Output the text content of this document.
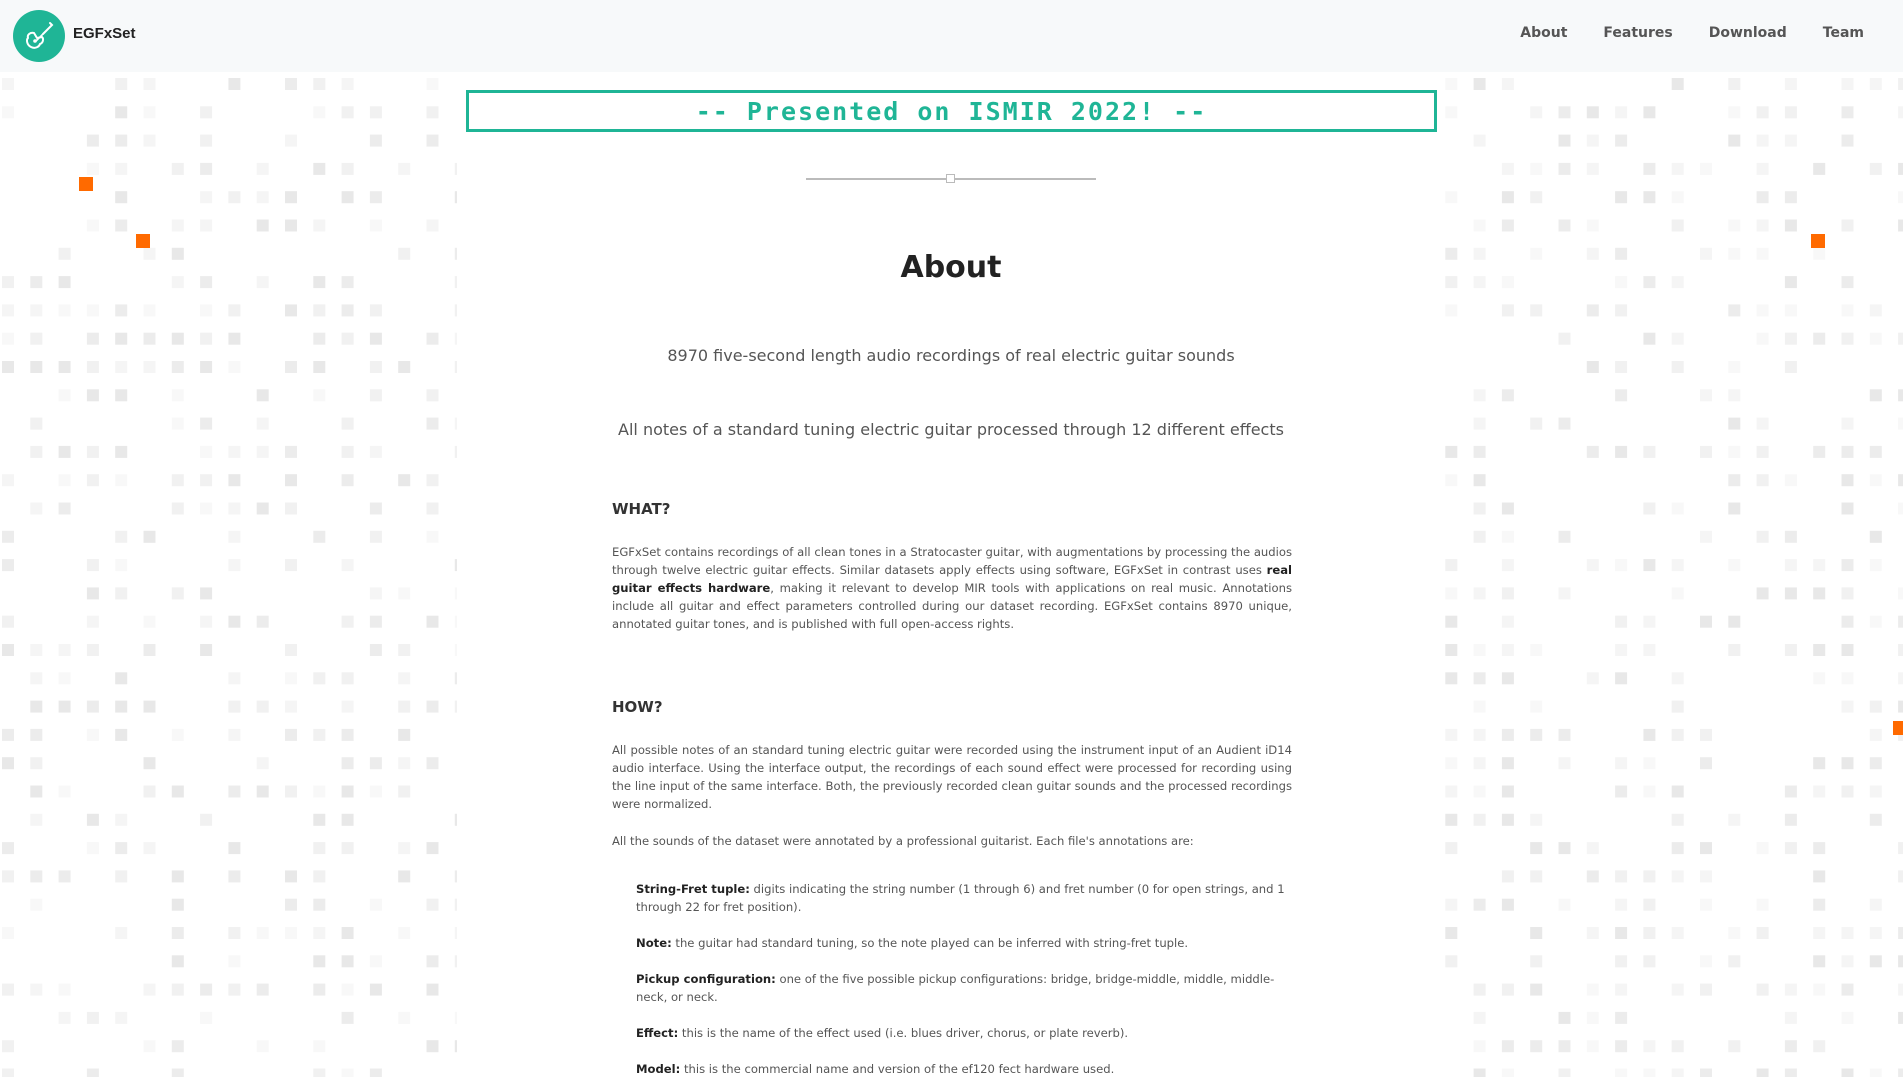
EGFxSet	About	Features	Download	Team
-- Presented on ISMIR 2022! --
About

8970 five-second length audio recordings of real electric guitar sounds

All notes of a standard tuning electric guitar processed through 12 different effects

WHAT?

EGFxSet contains recordings of all clean tones in a Stratocaster guitar, with augmentations by processing the audios through twelve electric guitar effects. Similar datasets apply effects using software, EGFxSet in contrast uses real guitar effects hardware, making it relevant to develop MIR tools with applications on real music. Annotations include all guitar and effect parameters controlled during our dataset recording. EGFxSet contains 8970 unique, annotated guitar tones, and is published with full open-access rights.

HOW?

All possible notes of an standard tuning electric guitar were recorded using the instrument input of an Audient iD14 audio interface. Using the interface output, the recordings of each sound effect were processed for recording using the line input of the same interface. Both, the previously recorded clean guitar sounds and the processed recordings were normalized.

All the sounds of the dataset were annotated by a professional guitarist. Each file's annotations are:

String-Fret tuple: digits indicating the string number (1 through 6) and fret number (0 for open strings, and 1 through 22 for fret position).
Note: the guitar had standard tuning, so the note played can be inferred with string-fret tuple.
Pickup configuration: one of the five possible pickup configurations: bridge, bridge-middle, middle, middle-neck, or neck.
Effect: this is the name of the effect used (i.e. blues driver, chorus, or plate reverb).
Model: this is the commercial name and version of the ef120 fect hardware used.
